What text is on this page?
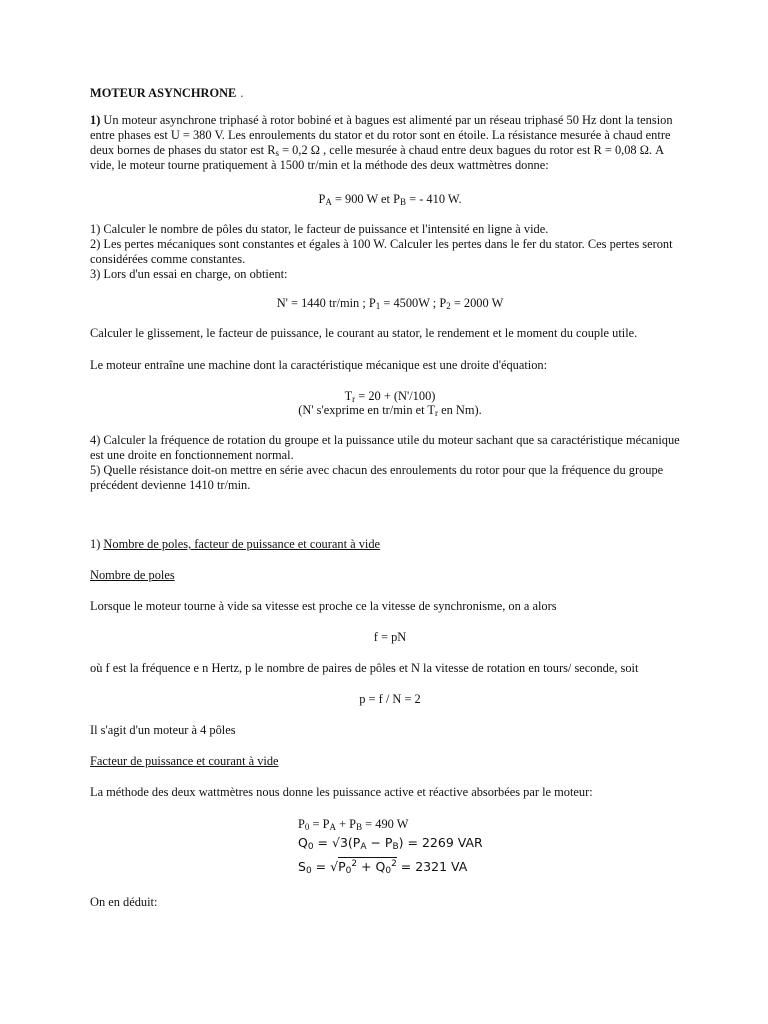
MOTEUR ASYNCHRONE .

1) Un moteur asynchrone triphasé à rotor bobiné et à bagues est alimenté par un réseau triphasé 50 Hz dont la tension entre phases est U = 380 V. Les enroulements du stator et du rotor sont en étoile. La résistance mesurée à chaud entre deux bornes de phases du stator est $R_s = 0,2$ Ω , celle mesurée à chaud entre deux bagues du rotor est R = 0,08 Ω. A vide, le moteur tourne pratiquement à 1500 tr/min et la méthode des deux wattmètres donne:

$P_A = 900$ W et $P_B$ = - 410 W.

1) Calculer le nombre de pôles du stator, le facteur de puissance et l'intensité en ligne à vide.

2) Les pertes mécaniques sont constantes et égales à 100 W. Calculer les pertes dans le fer du stator. Ces pertes seront considérées comme constantes.

3) Lors d'un essai en charge, on obtient:

N' = 1440 tr/min ; $P_1 = 4500W$ ; $P_2 = 2000$ W

Calculer le glissement, le facteur de puissance, le courant au stator, le rendement et le moment du couple utile.

Le moteur entraîne une machine dont la caractéristique mécanique est une droite d'équation:

$T_r = 20 + (N'/100)$

(N' s'exprime en tr/min et $T_r$ en Nm).

4) Calculer la fréquence de rotation du groupe et la puissance utile du moteur sachant que sa caractéristique mécanique est une droite en fonctionnement normal.

5) Quelle résistance doit-on mettre en série avec chacun des enroulements du rotor pour que la fréquence du groupe précédent devienne 1410 tr/min.

1) Nombre de poles, facteur de puissance et courant à vide

Nombre de poles

Lorsque le moteur tourne à vide sa vitesse est proche ce la vitesse de synchronisme, on a alors

f = pN

où f est la fréquence e n Hertz, p le nombre de paires de pôles et N la vitesse de rotation en tours/ seconde, soit

p = f / N = 2

Il s'agit d'un moteur à 4 pôles

Facteur de puissance et courant à vide

La méthode des deux wattmètres nous donne les puissance active et réactive absorbées par le moteur:

$P_0 = P_A + P_B = 490$ W

$Q_0 = √3(P_A - P_B) = 2269$ VAR

$S_0 = √P_0^2 + Q_0^2 = 2321$ VA

On en déduit:
